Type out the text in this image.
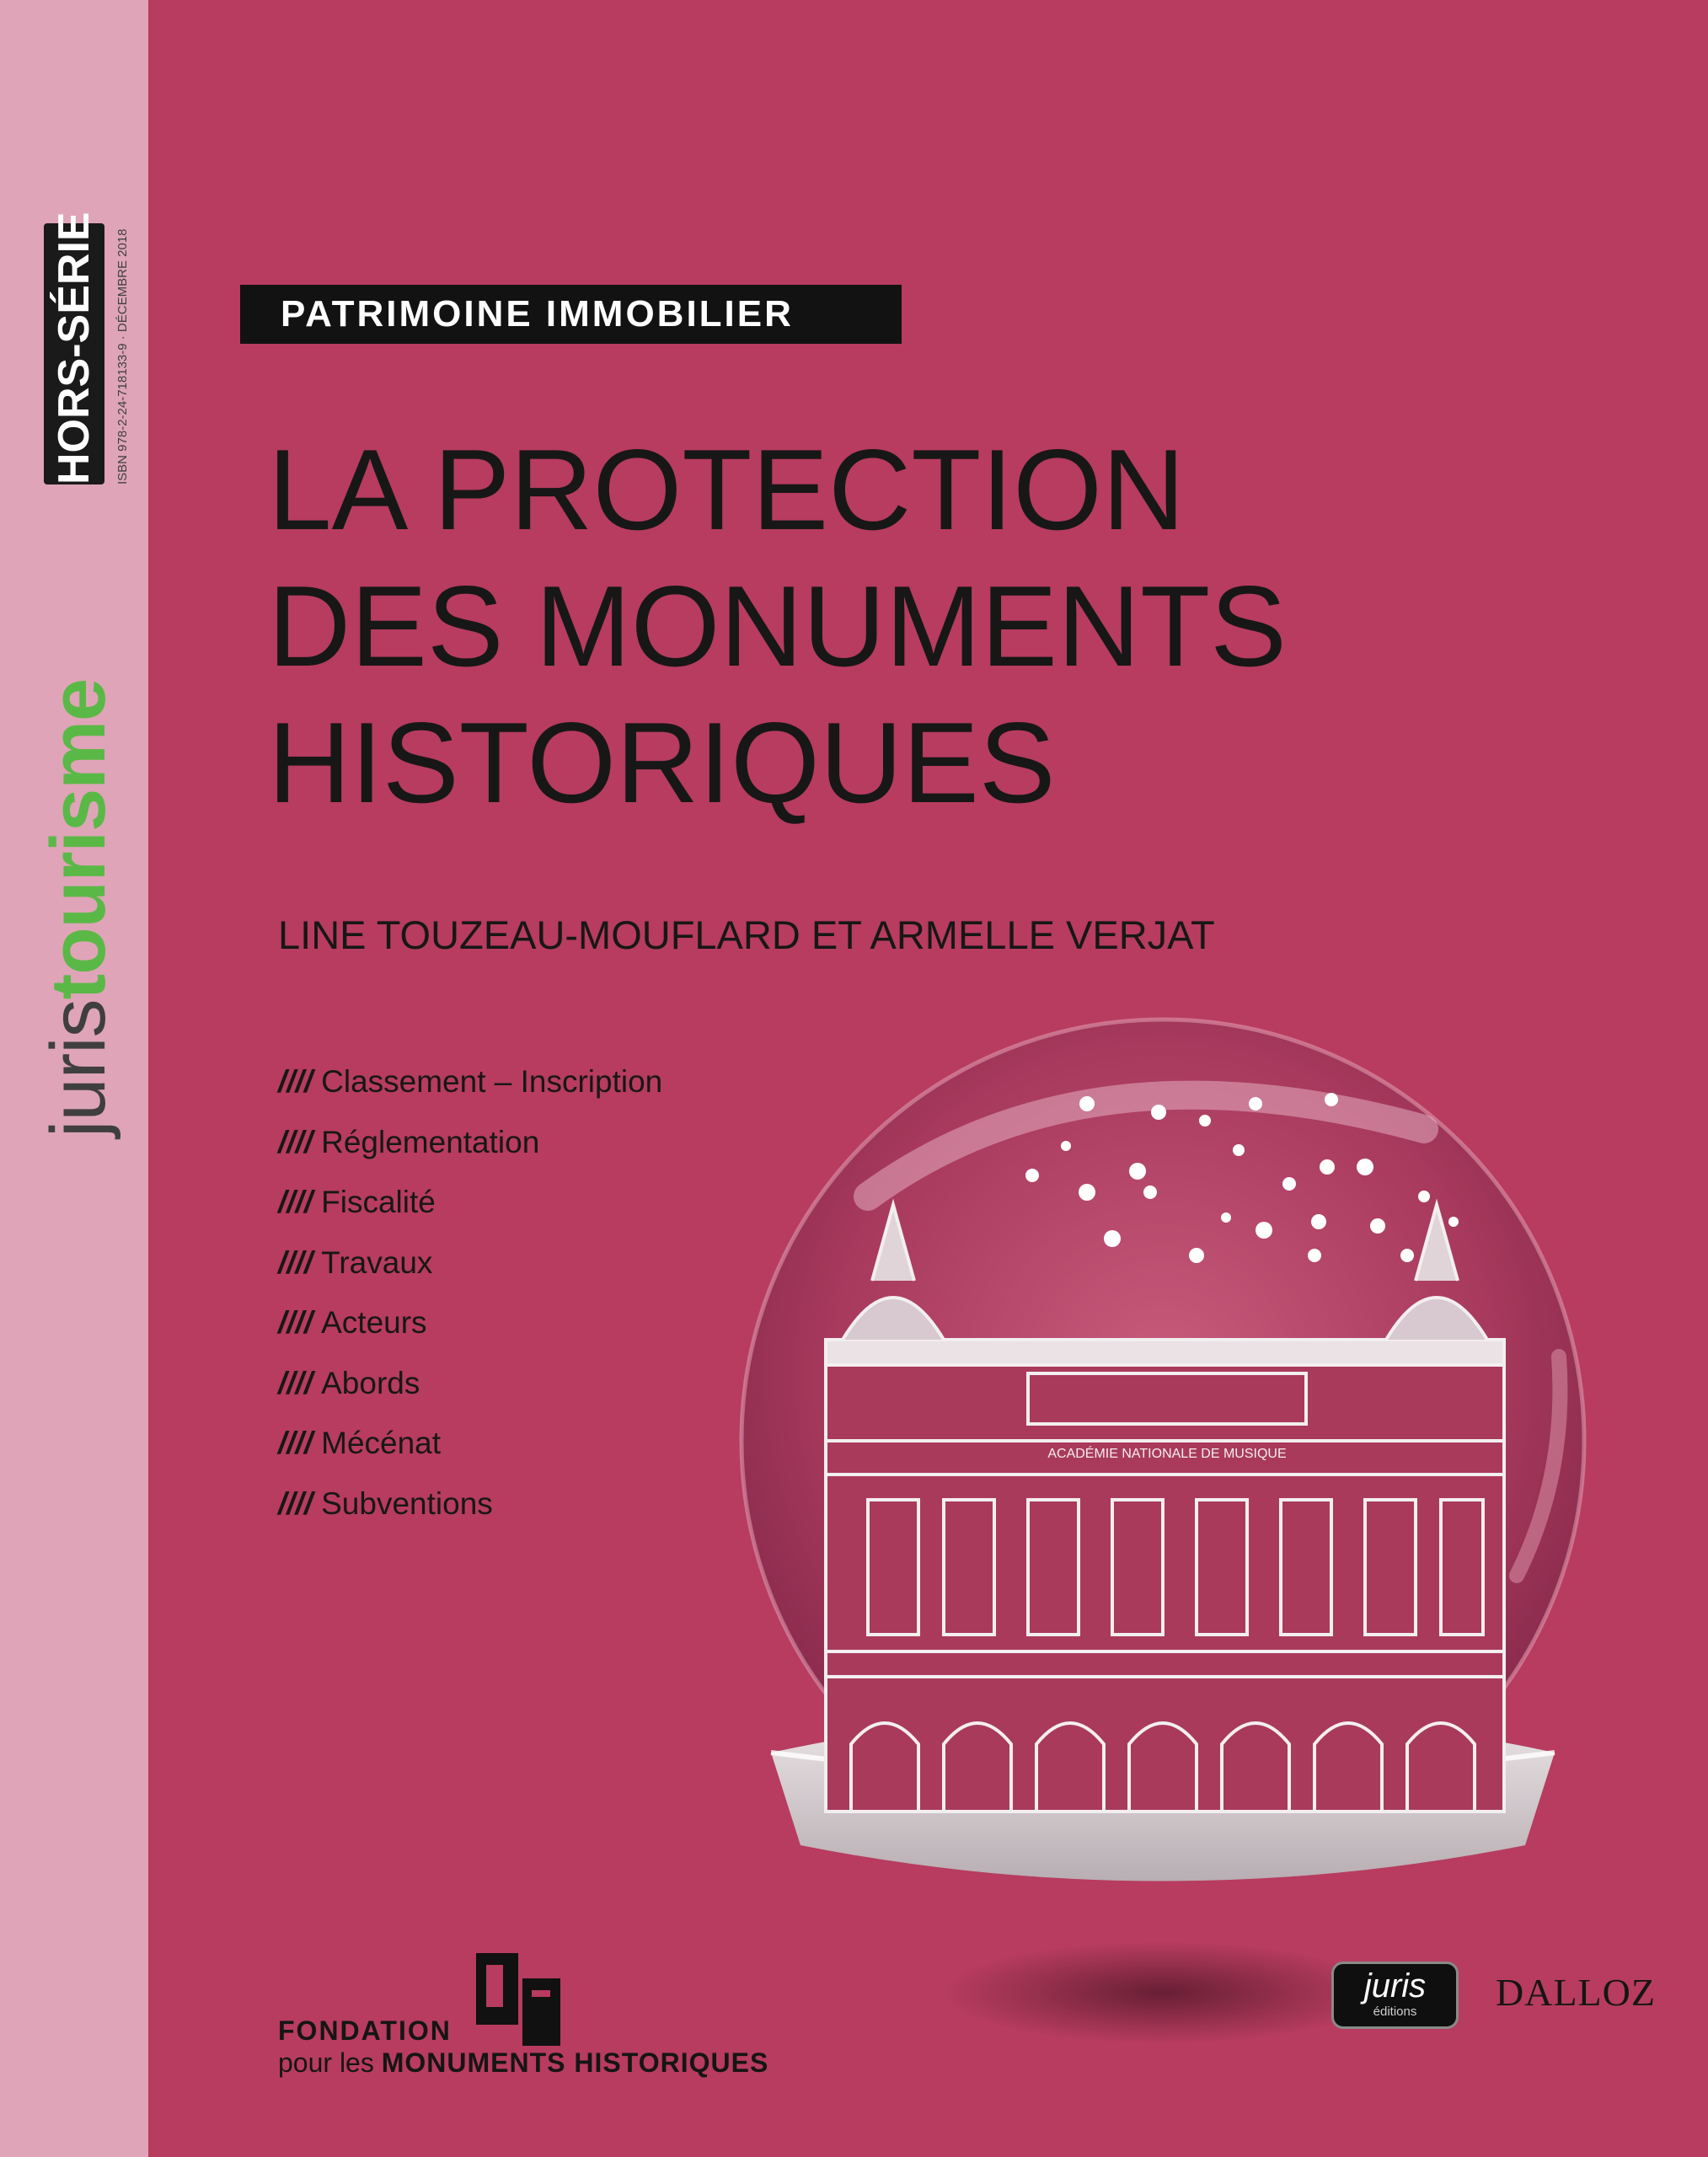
juristourisme
HORS-SÉRIE	ISBN 978-2-24-718133-9 · DÉCEMBRE 2018	PATRIMOINE IMMOBILIER
LA PROTECTION
DES MONUMENTS
HISTORIQUES
LINE TOUZEAU-MOUFLARD ET ARMELLE VERJAT
//// Classement – Inscription
//// Réglementation
//// Fiscalité
//// Travaux
//// Acteurs
//// Abords
//// Mécénat
//// Subventions
ACADÉMIE NATIONALE DE MUSIQUE
FONDATION
pour les MONUMENTS HISTORIQUES
juris
éditions	DALLOZ
